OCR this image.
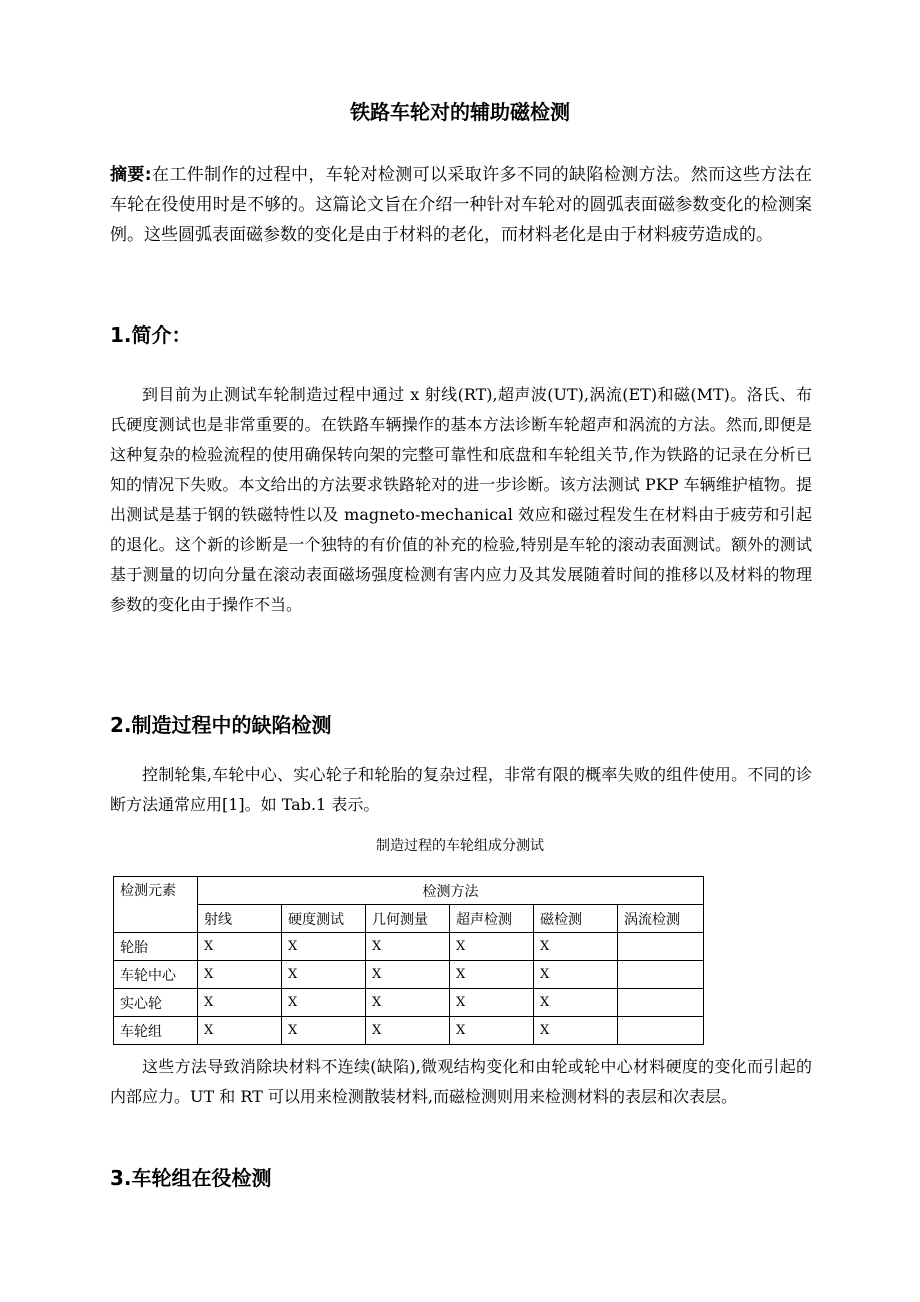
铁路车轮对的辅助磁检测
摘要:在工件制作的过程中，车轮对检测可以采取许多不同的缺陷检测方法。然而这些方法在车轮在役使用时是不够的。这篇论文旨在介绍一种针对车轮对的圆弧表面磁参数变化的检测案例。这些圆弧表面磁参数的变化是由于材料的老化，而材料老化是由于材料疲劳造成的。
1.简介：

到目前为止测试车轮制造过程中通过 x 射线(RT),超声波(UT),涡流(ET)和磁(MT)。洛氏、布氏硬度测试也是非常重要的。在铁路车辆操作的基本方法诊断车轮超声和涡流的方法。然而,即便是这种复杂的检验流程的使用确保转向架的完整可靠性和底盘和车轮组关节,作为铁路的记录在分析已知的情况下失败。本文给出的方法要求铁路轮对的进一步诊断。该方法测试 PKP 车辆维护植物。提出测试是基于钢的铁磁特性以及 magneto-mechanical 效应和磁过程发生在材料由于疲劳和引起的退化。这个新的诊断是一个独特的有价值的补充的检验,特别是车轮的滚动表面测试。额外的测试基于测量的切向分量在滚动表面磁场强度检测有害内应力及其发展随着时间的推移以及材料的物理参数的变化由于操作不当。

2.制造过程中的缺陷检测

控制轮集,车轮中心、实心轮子和轮胎的复杂过程，非常有限的概率失败的组件使用。不同的诊断方法通常应用[1]。如 Tab.1 表示。

制造过程的车轮组成分测试
检测元素	检测方法					
	射线	硬度测试	几何测量	超声检测	磁检测	涡流检测
轮胎	X	X	X	X	X	
车轮中心	X	X	X	X	X	
实心轮	X	X	X	X	X	
车轮组	X	X	X	X	X	

这些方法导致消除块材料不连续(缺陷),微观结构变化和由轮或轮中心材料硬度的变化而引起的内部应力。UT 和 RT 可以用来检测散装材料,而磁检测则用来检测材料的表层和次表层。

3.车轮组在役检测
